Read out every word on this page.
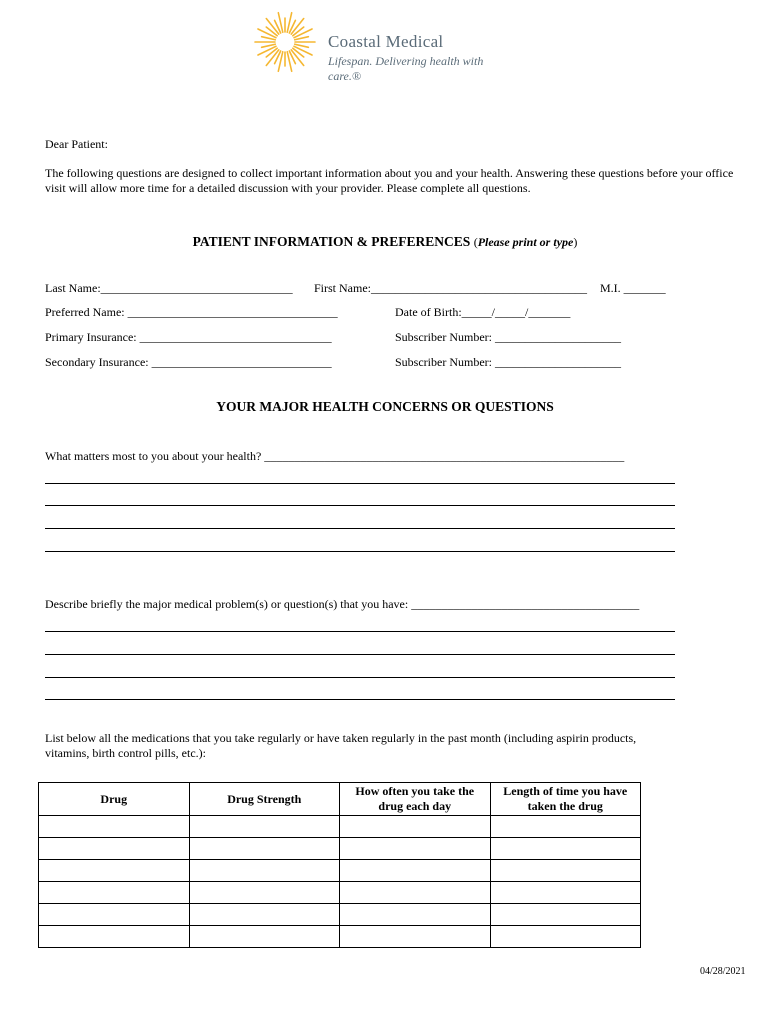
Coastal Medical
Lifespan. Delivering health with care.®
Dear Patient:
The following questions are designed to collect important information about you and your health. Answering these questions before your office visit will allow more time for a detailed discussion with your provider. Please complete all questions.
PATIENT INFORMATION & PREFERENCES (Please print or type)
Last Name:________________________________ First Name:____________________________________ M.I. _______
Preferred Name: ___________________________________	Date of Birth:_____/_____/_______
Primary Insurance: ________________________________	Subscriber Number: _____________________
Secondary Insurance: ______________________________	Subscriber Number: _____________________
YOUR MAJOR HEALTH CONCERNS OR QUESTIONS
What matters most to you about your health? ____________________________________________________________
Describe briefly the major medical problem(s) or question(s) that you have: ______________________________________
List below all the medications that you take regularly or have taken regularly in the past month (including aspirin products, vitamins, birth control pills, etc.):
Drug	Drug Strength	How often you take the drug each day	Length of time you have taken the drug

04/28/2021
